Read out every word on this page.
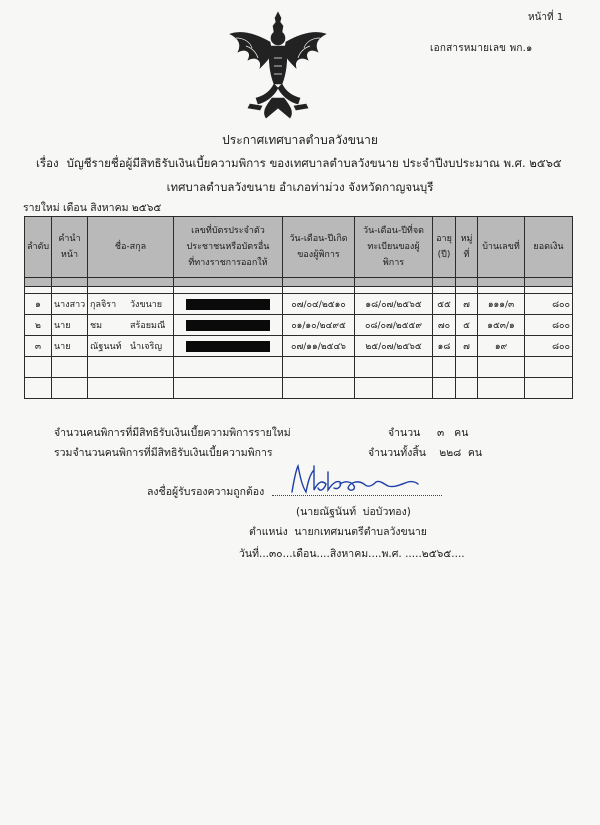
หน้าที่ 1
เอกสารหมายเลข พก.๑
ประกาศเทศบาลตำบลวังขนาย
เรื่อง บัญชีรายชื่อผู้มีสิทธิรับเงินเบี้ยความพิการ ของเทศบาลตำบลวังขนาย ประจำปีงบประมาณ พ.ศ. ๒๕๖๕
เทศบาลตำบลวังขนาย อำเภอท่าม่วง จังหวัดกาญจนบุรี
รายใหม่ เดือน สิงหาคม ๒๕๖๕
ลำดับ	คำนำหน้า	ชื่อ-สกุล	เลขที่บัตรประจำตัวประชาชนหรือบัตรอื่นที่ทางราชการออกให้	วัน-เดือน-ปีเกิด ของผู้พิการ	วัน-เดือน-ปีที่จดทะเบียนของผู้พิการ	อายุ (ปี)	หมู่ที่	บ้านเลขที่	ยอดเงิน

๑	นางสาว	กุลจิรา วังขนาย		๐๗/๐๔/๒๕๑๐	๑๘/๐๗/๒๕๖๕	๕๕	๗	๑๑๑/๓	๘๐๐
๒	นาย	ชม สร้อยมณี		๐๑/๑๐/๒๔๙๕	๐๘/๐๗/๒๕๕๙	๗๐	๕	๑๕๓/๑	๘๐๐
๓	นาย	ณัฐนนท์ นำเจริญ		๐๗/๑๑/๒๕๔๖	๒๕/๐๗/๒๕๖๕	๑๘	๗	๑๙	๘๐๐

จำนวนคนพิการที่มีสิทธิรับเงินเบี้ยความพิการรายใหม่	จำนวน     ๓   คน
รวมจำนวนคนพิการที่มีสิทธิรับเงินเบี้ยความพิการ	จำนวนทั้งสิ้น    ๒๒๘  คน
ลงชื่อผู้รับรองความถูกต้อง
(นายณัฐนันท์  บ่อบัวทอง)
ตำแหน่ง  นายกเทศมนตรีตำบลวังขนาย
วันที่...๓๐...เดือน....สิงหาคม....พ.ศ. .....๒๕๖๕....
